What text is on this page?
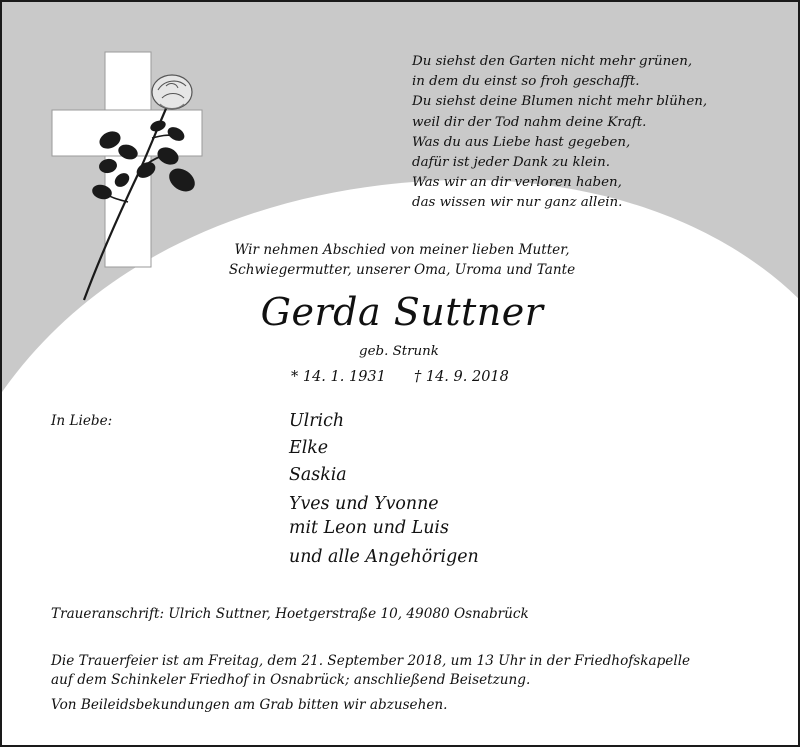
Du siehst den Garten nicht mehr grünen,
in dem du einst so froh geschafft.
Du siehst deine Blumen nicht mehr blühen,
weil dir der Tod nahm deine Kraft.
Was du aus Liebe hast gegeben,
dafür ist jeder Dank zu klein.
Was wir an dir verloren haben,
das wissen wir nur ganz allein.
Wir nehmen Abschied von meiner lieben Mutter,
Schwiegermutter, unserer Oma, Uroma und Tante
Gerda Suttner
geb. Strunk
* 14. 1. 1931 † 14. 9. 2018
In Liebe:	Ulrich
Elke
Saskia
Yves und Yvonne
mit Leon und Luis
und alle Angehörigen
Traueranschrift: Ulrich Suttner, Hoetgerstraße 10, 49080 Osnabrück
Die Trauerfeier ist am Freitag, dem 21. September 2018, um 13 Uhr in der Friedhofskapelle
auf dem Schinkeler Friedhof in Osnabrück; anschließend Beisetzung.
Von Beileidsbekundungen am Grab bitten wir abzusehen.
